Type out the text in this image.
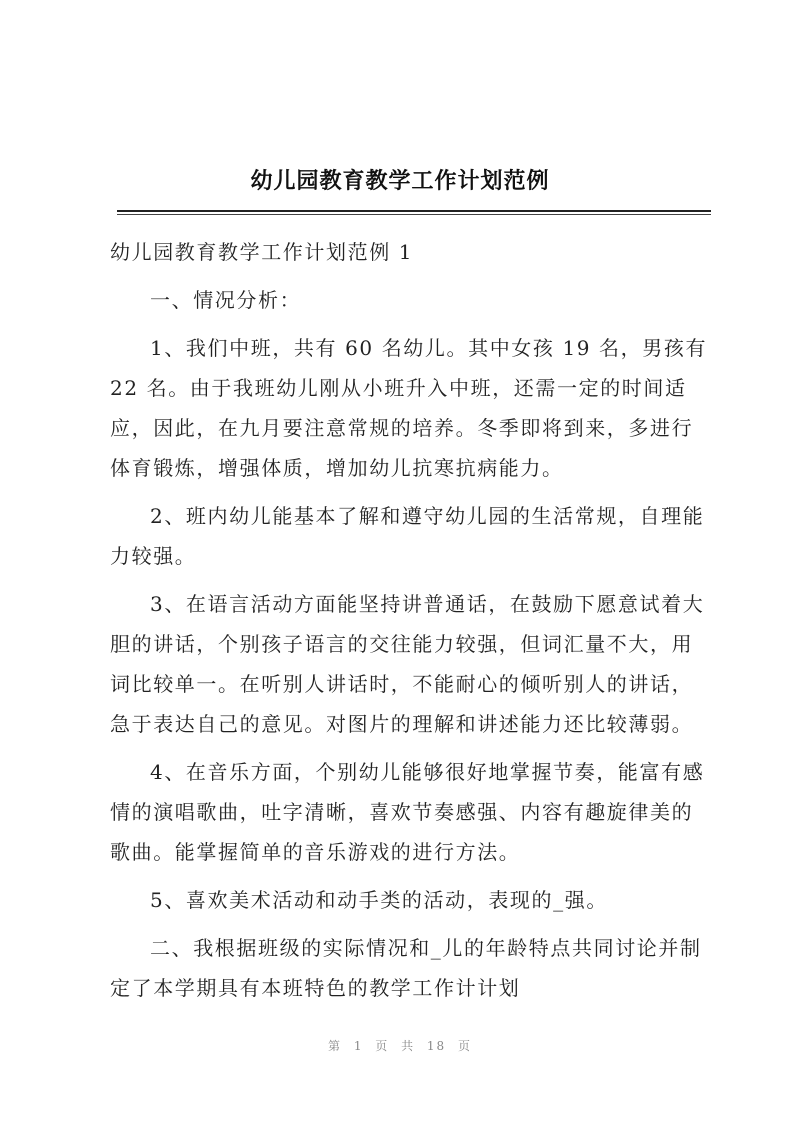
幼儿园教育教学工作计划范例

幼儿园教育教学工作计划范例 1

一、情况分析：

1、我们中班，共有 60 名幼儿。其中女孩 19 名，男孩有 22 名。由于我班幼儿刚从小班升入中班，还需一定的时间适应，因此，在九月要注意常规的培养。冬季即将到来，多进行体育锻炼，增强体质，增加幼儿抗寒抗病能力。

2、班内幼儿能基本了解和遵守幼儿园的生活常规，自理能力较强。

3、在语言活动方面能坚持讲普通话，在鼓励下愿意试着大胆的讲话，个别孩子语言的交往能力较强，但词汇量不大，用词比较单一。在听别人讲话时，不能耐心的倾听别人的讲话，急于表达自己的意见。对图片的理解和讲述能力还比较薄弱。

4、在音乐方面，个别幼儿能够很好地掌握节奏，能富有感情的演唱歌曲，吐字清晰，喜欢节奏感强、内容有趣旋律美的歌曲。能掌握简单的音乐游戏的进行方法。

5、喜欢美术活动和动手类的活动，表现的_强。

二、我根据班级的实际情况和_儿的年龄特点共同讨论并制定了本学期具有本班特色的教学工作计计划

第 1 页 共 18 页
